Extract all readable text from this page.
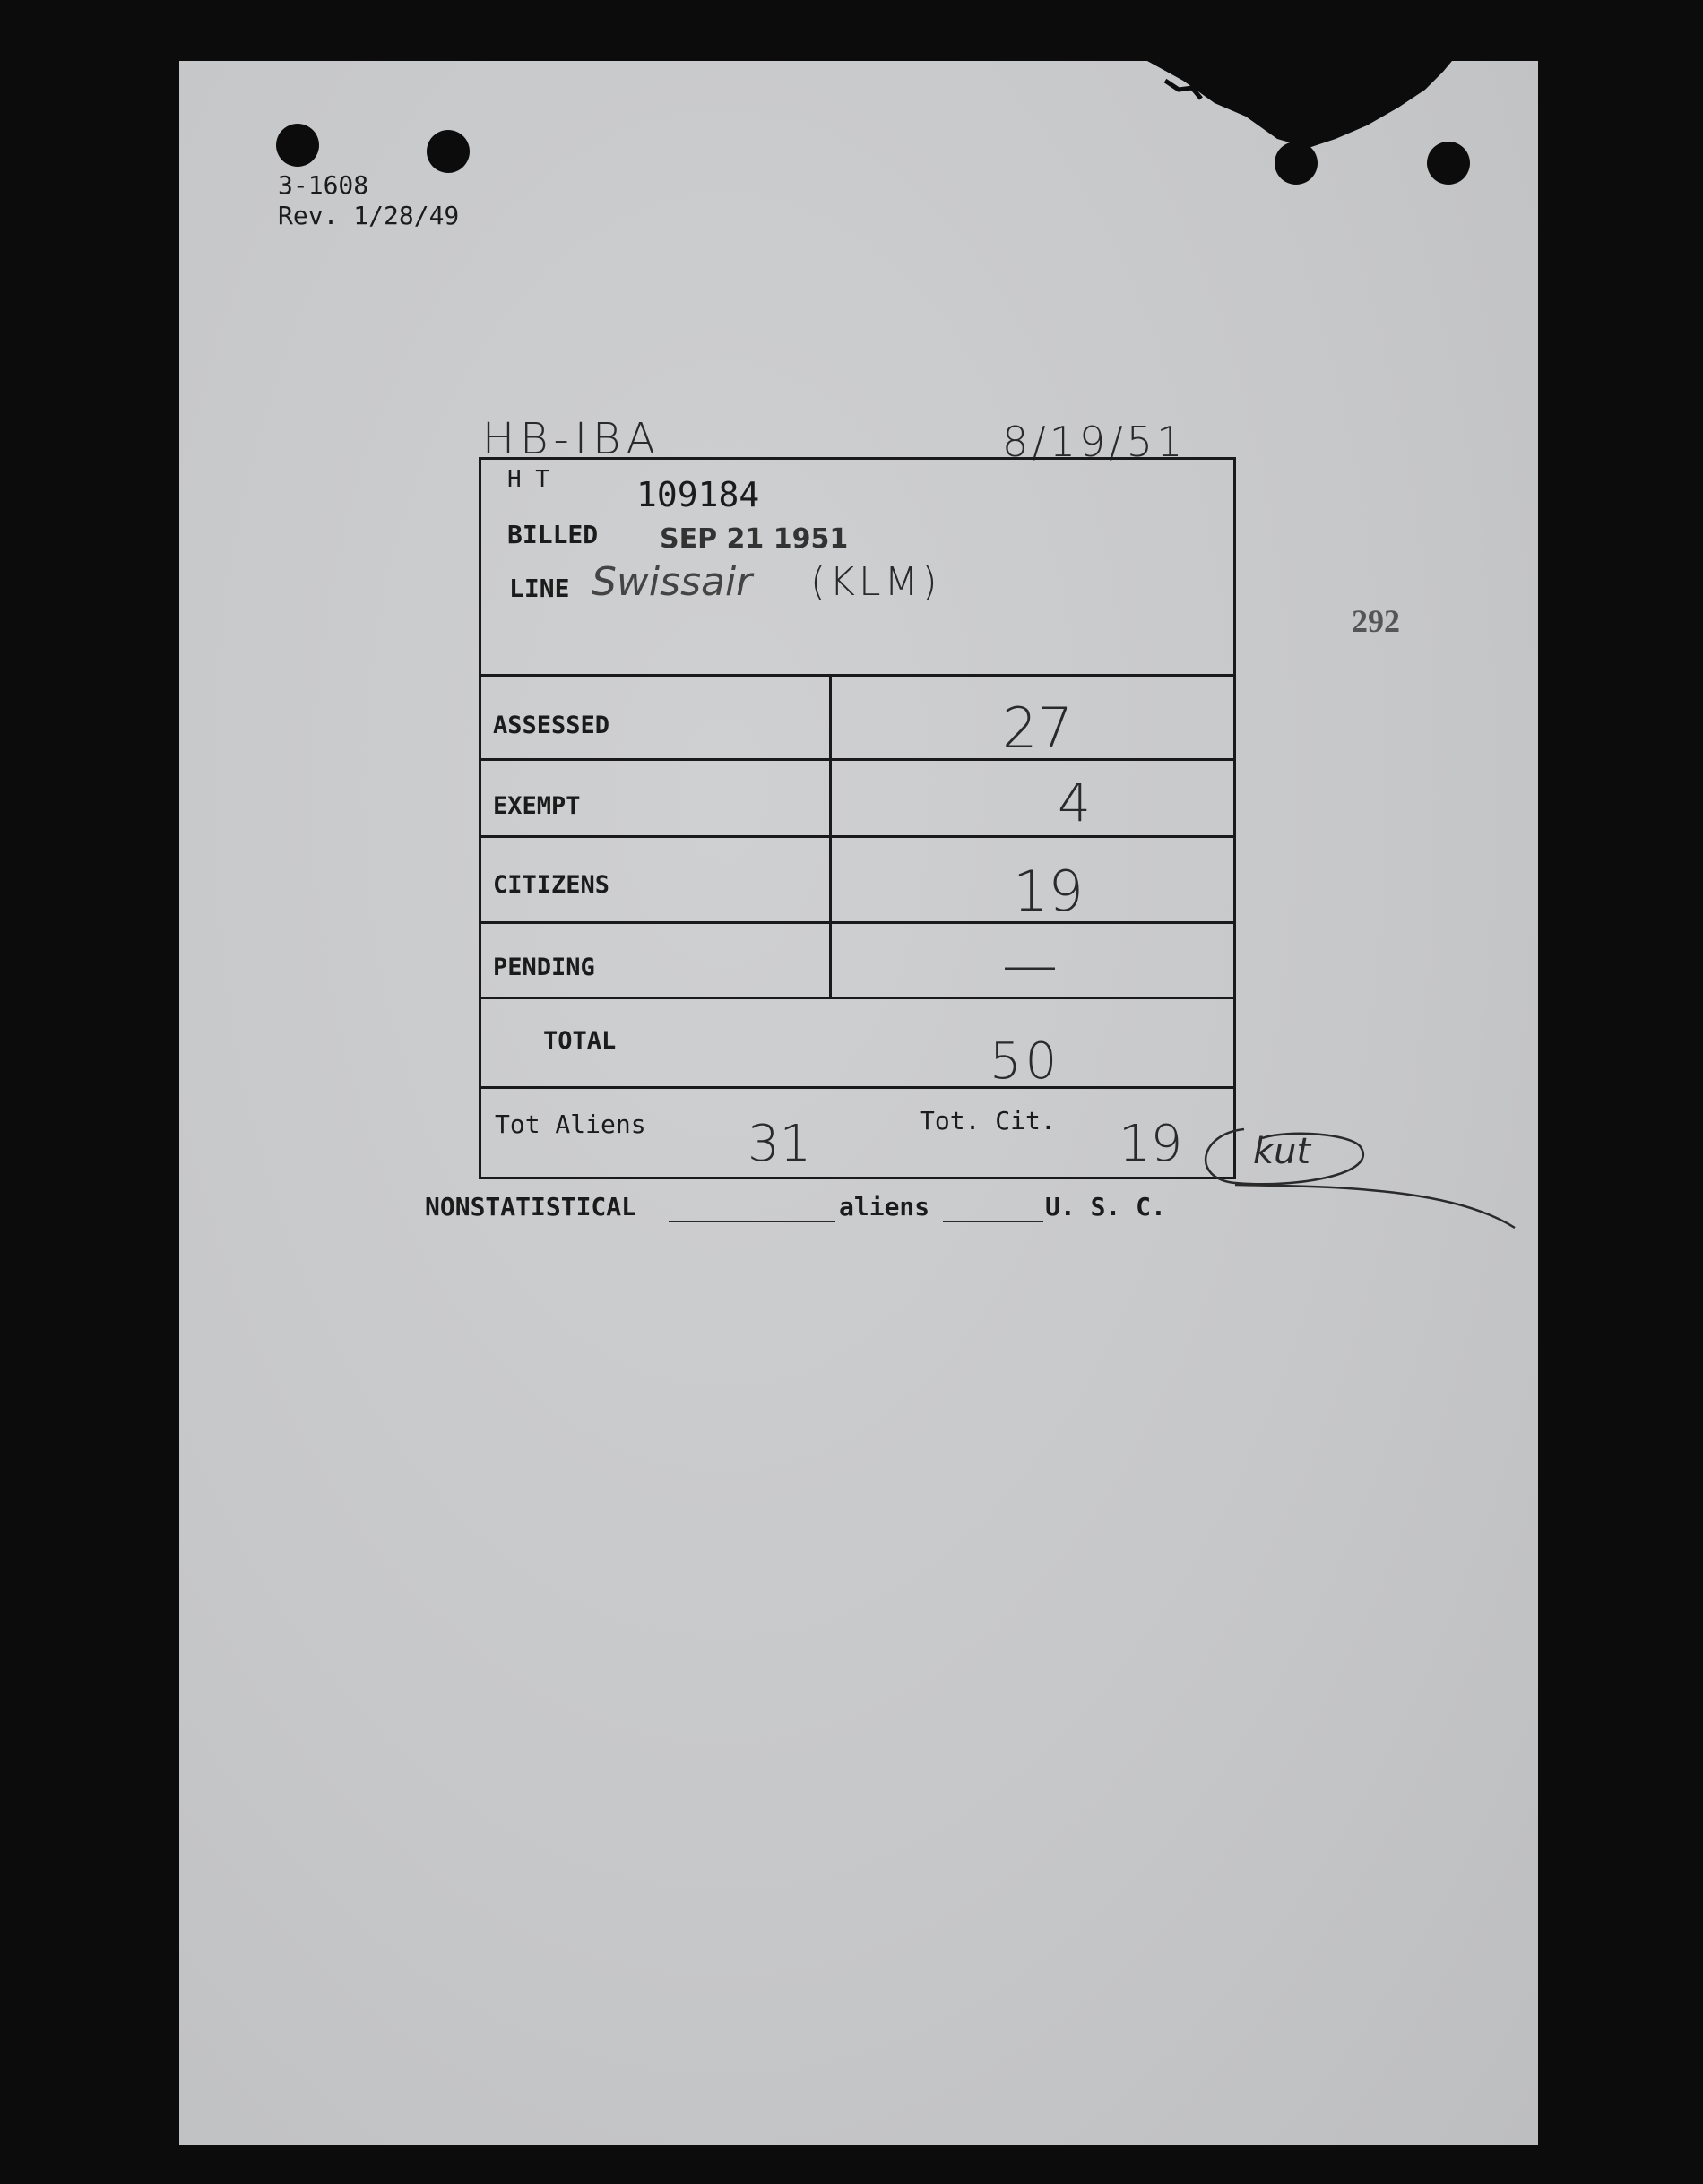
3-1608
Rev. 1/28/49
292
HB-IBA	8/19/51
H T	109184
BILLED SEP 21 1951
LINE Swissair (KLM)
ASSESSED	27
EXEMPT	4
CITIZENS	19
PENDING	—
TOTAL	50
Tot Aliens 31	Tot. Cit. 19 kut
NONSTATISTICAL	aliens	U. S. C.
